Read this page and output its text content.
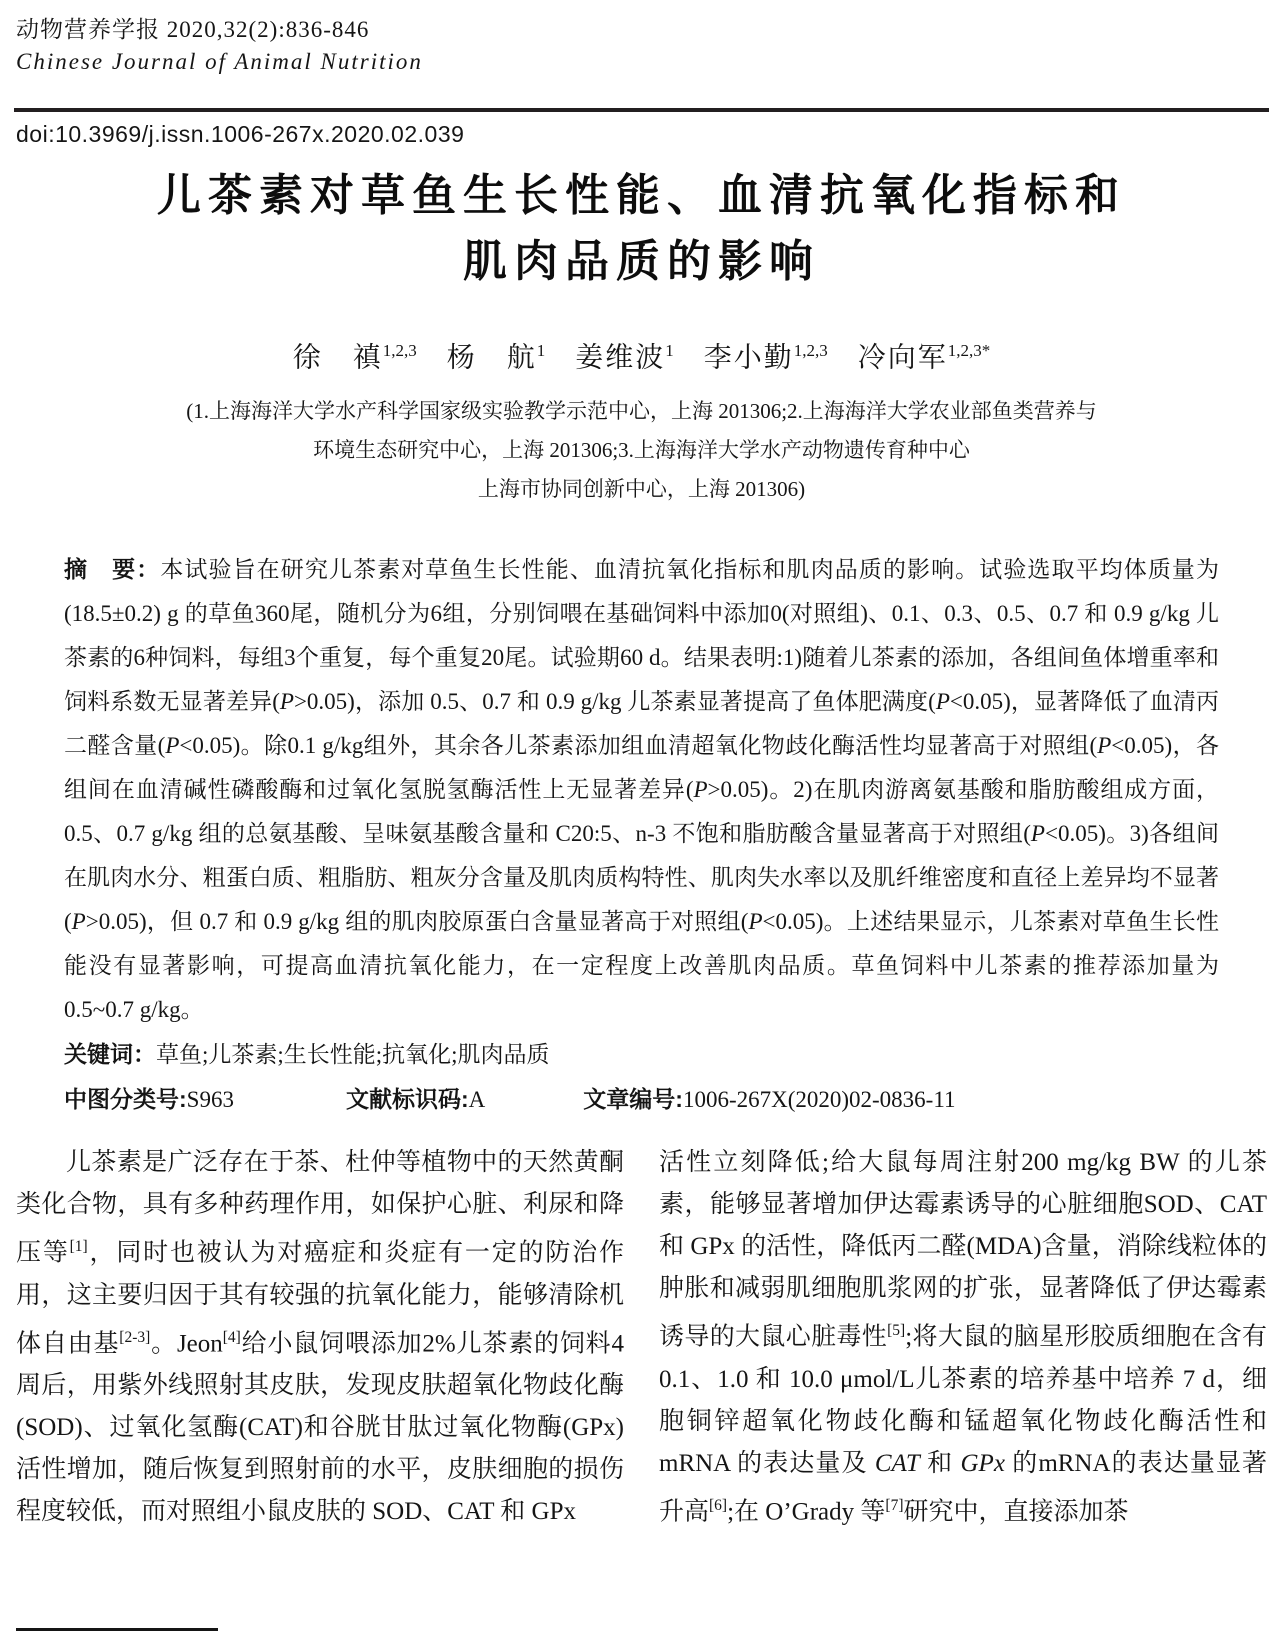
动物营养学报 2020,32(2):836-846
Chinese Journal of Animal Nutrition
doi:10.3969/j.issn.1006-267x.2020.02.039
儿茶素对草鱼生长性能、血清抗氧化指标和
肌肉品质的影响
徐　禛$^{1,2,3}$　杨　航$^1$　姜维波$^1$　李小勤$^{1,2,3}$　冷向军$^{1,2,3*}$
(1.上海海洋大学水产科学国家级实验教学示范中心，上海 201306;2.上海海洋大学农业部鱼类营养与
环境生态研究中心，上海 201306;3.上海海洋大学水产动物遗传育种中心
上海市协同创新中心，上海 201306)
摘　要：本试验旨在研究儿茶素对草鱼生长性能、血清抗氧化指标和肌肉品质的影响。试验选取平均体质量为(18.5±0.2) g 的草鱼360尾，随机分为6组，分别饲喂在基础饲料中添加0(对照组)、0.1、0.3、0.5、0.7 和 0.9 g/kg 儿茶素的6种饲料，每组3个重复，每个重复20尾。试验期60 d。结果表明:1)随着儿茶素的添加，各组间鱼体增重率和饲料系数无显著差异(P>0.05)，添加 0.5、0.7 和 0.9 g/kg 儿茶素显著提高了鱼体肥满度(P<0.05)，显著降低了血清丙二醛含量(P<0.05)。除0.1 g/kg组外，其余各儿茶素添加组血清超氧化物歧化酶活性均显著高于对照组(P<0.05)，各组间在血清碱性磷酸酶和过氧化氢脱氢酶活性上无显著差异(P>0.05)。2)在肌肉游离氨基酸和脂肪酸组成方面，0.5、0.7 g/kg 组的总氨基酸、呈味氨基酸含量和 C20:5、n-3 不饱和脂肪酸含量显著高于对照组(P<0.05)。3)各组间在肌肉水分、粗蛋白质、粗脂肪、粗灰分含量及肌肉质构特性、肌肉失水率以及肌纤维密度和直径上差异均不显著(P>0.05)，但 0.7 和 0.9 g/kg 组的肌肉胶原蛋白含量显著高于对照组(P<0.05)。上述结果显示，儿茶素对草鱼生长性能没有显著影响，可提高血清抗氧化能力，在一定程度上改善肌肉品质。草鱼饲料中儿茶素的推荐添加量为 0.5~0.7 g/kg。
关键词：草鱼;儿茶素;生长性能;抗氧化;肌肉品质
中图分类号:S963	文献标识码:A	文章编号:1006-267X(2020)02-0836-11

儿茶素是广泛存在于茶、杜仲等植物中的天然黄酮类化合物，具有多种药理作用，如保护心脏、利尿和降压等[1]，同时也被认为对癌症和炎症有一定的防治作用，这主要归因于其有较强的抗氧化能力，能够清除机体自由基[2-3]。Jeon[4]给小鼠饲喂添加2%儿茶素的饲料4周后，用紫外线照射其皮肤，发现皮肤超氧化物歧化酶(SOD)、过氧化氢酶(CAT)和谷胱甘肽过氧化物酶(GPx)活性增加，随后恢复到照射前的水平，皮肤细胞的损伤程度较低，而对照组小鼠皮肤的 SOD、CAT 和 GPx

活性立刻降低;给大鼠每周注射200 mg/kg BW 的儿茶素，能够显著增加伊达霉素诱导的心脏细胞SOD、CAT 和 GPx 的活性，降低丙二醛(MDA)含量，消除线粒体的肿胀和减弱肌细胞肌浆网的扩张，显著降低了伊达霉素诱导的大鼠心脏毒性[5];将大鼠的脑星形胶质细胞在含有 0.1、1.0 和 10.0 μmol/L儿茶素的培养基中培养 7 d，细胞铜锌超氧化物歧化酶和锰超氧化物歧化酶活性和mRNA 的表达量及 CAT 和 GPx 的mRNA的表达量显著升高[6];在 O’Grady 等[7]研究中，直接添加茶
